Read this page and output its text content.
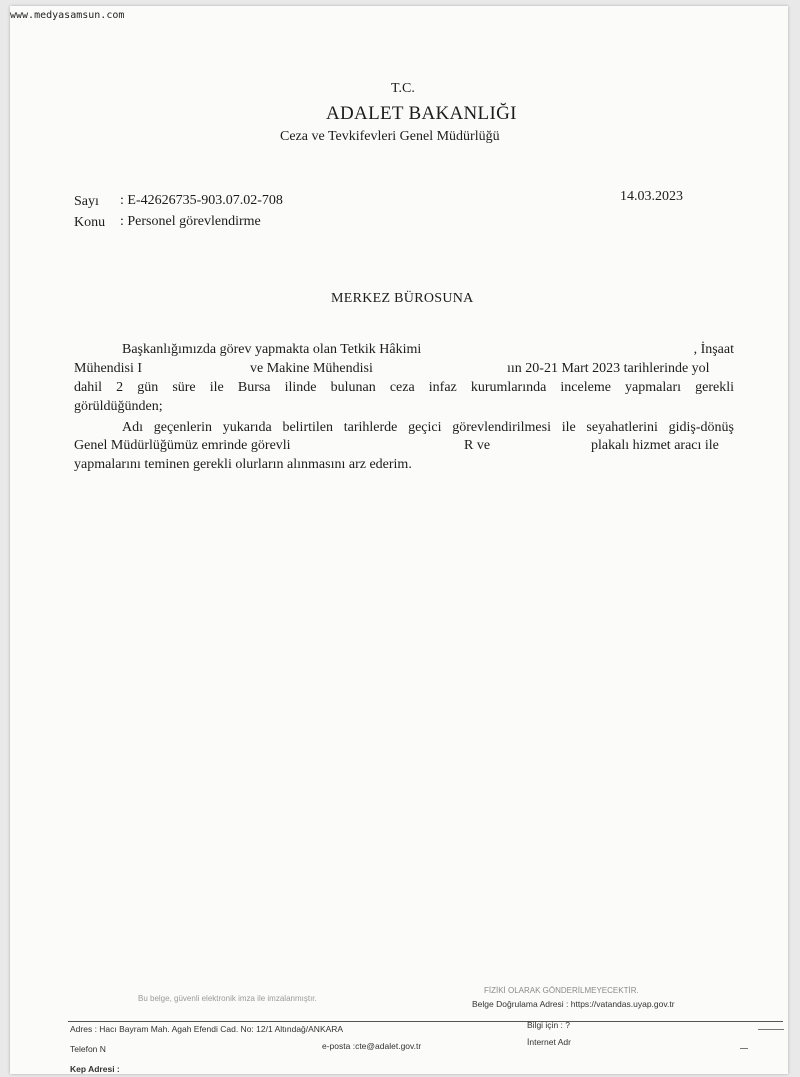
www.medyasamsun.com
T.C.
ADALET BAKANLIĞI
Ceza ve Tevkifevleri Genel Müdürlüğü
Sayı	: E-42626735-903.07.02-708
Konu	: Personel görevlendirme
14.03.2023
MERKEZ BÜROSUNA
Başkanlığımızda görev yapmakta olan Tetkik Hâkimi	, İnşaat
Mühendisi I	ve Makine Mühendisi	ıın 20-21 Mart 2023 tarihlerinde yol
dahil 2 gün süre ile Bursa ilinde bulunan ceza infaz kurumlarında inceleme yapmaları gerekli
görüldüğünden;
Adı geçenlerin yukarıda belirtilen tarihlerde geçici görevlendirilmesi ile seyahatlerini gidiş-dönüş
Genel Müdürlüğümüz emrinde görevli	R ve	plakalı hizmet aracı ile
yapmalarını teminen gerekli olurların alınmasını arz ederim.
FİZİKİ OLARAK GÖNDERİLMEYECEKTİR.
Bu belge, güvenli elektronik imza ile imzalanmıştır.
Belge Doğrulama Adresi : https://vatandas.uyap.gov.tr
Adres : Hacı Bayram Mah. Agah Efendi Cad. No: 12/1 Altındağ/ANKARA	Bilgi için : ?
Telefon N	e-posta :cte@adalet.gov.tr	İnternet Adr
Kep Adresi :
